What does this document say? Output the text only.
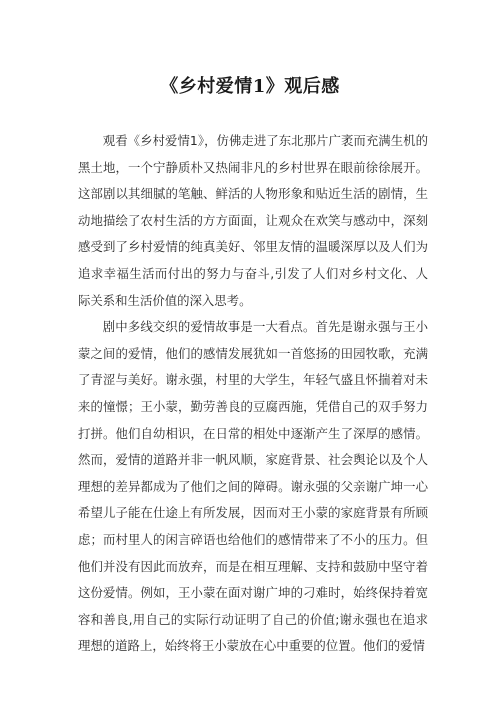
《乡村爱情1》观后感

观看《乡村爱情1》，仿佛走进了东北那片广袤而充满生机的黑土地，一个宁静质朴又热闹非凡的乡村世界在眼前徐徐展开。这部剧以其细腻的笔触、鲜活的人物形象和贴近生活的剧情，生动地描绘了农村生活的方方面面，让观众在欢笑与感动中，深刻感受到了乡村爱情的纯真美好、邻里友情的温暖深厚以及人们为追求幸福生活而付出的努力与奋斗,引发了人们对乡村文化、人际关系和生活价值的深入思考。

剧中多线交织的爱情故事是一大看点。首先是谢永强与王小蒙之间的爱情，他们的感情发展犹如一首悠扬的田园牧歌，充满了青涩与美好。谢永强，村里的大学生，年轻气盛且怀揣着对未来的憧憬；王小蒙，勤劳善良的豆腐西施，凭借自己的双手努力打拼。他们自幼相识，在日常的相处中逐渐产生了深厚的感情。然而，爱情的道路并非一帆风顺，家庭背景、社会舆论以及个人理想的差异都成为了他们之间的障碍。谢永强的父亲谢广坤一心希望儿子能在仕途上有所发展，因而对王小蒙的家庭背景有所顾虑；而村里人的闲言碎语也给他们的感情带来了不小的压力。但他们并没有因此而放弃，而是在相互理解、支持和鼓励中坚守着这份爱情。例如，王小蒙在面对谢广坤的刁难时，始终保持着宽容和善良,用自己的实际行动证明了自己的价值;谢永强也在追求理想的道路上，始终将王小蒙放在心中重要的位置。他们的爱情
